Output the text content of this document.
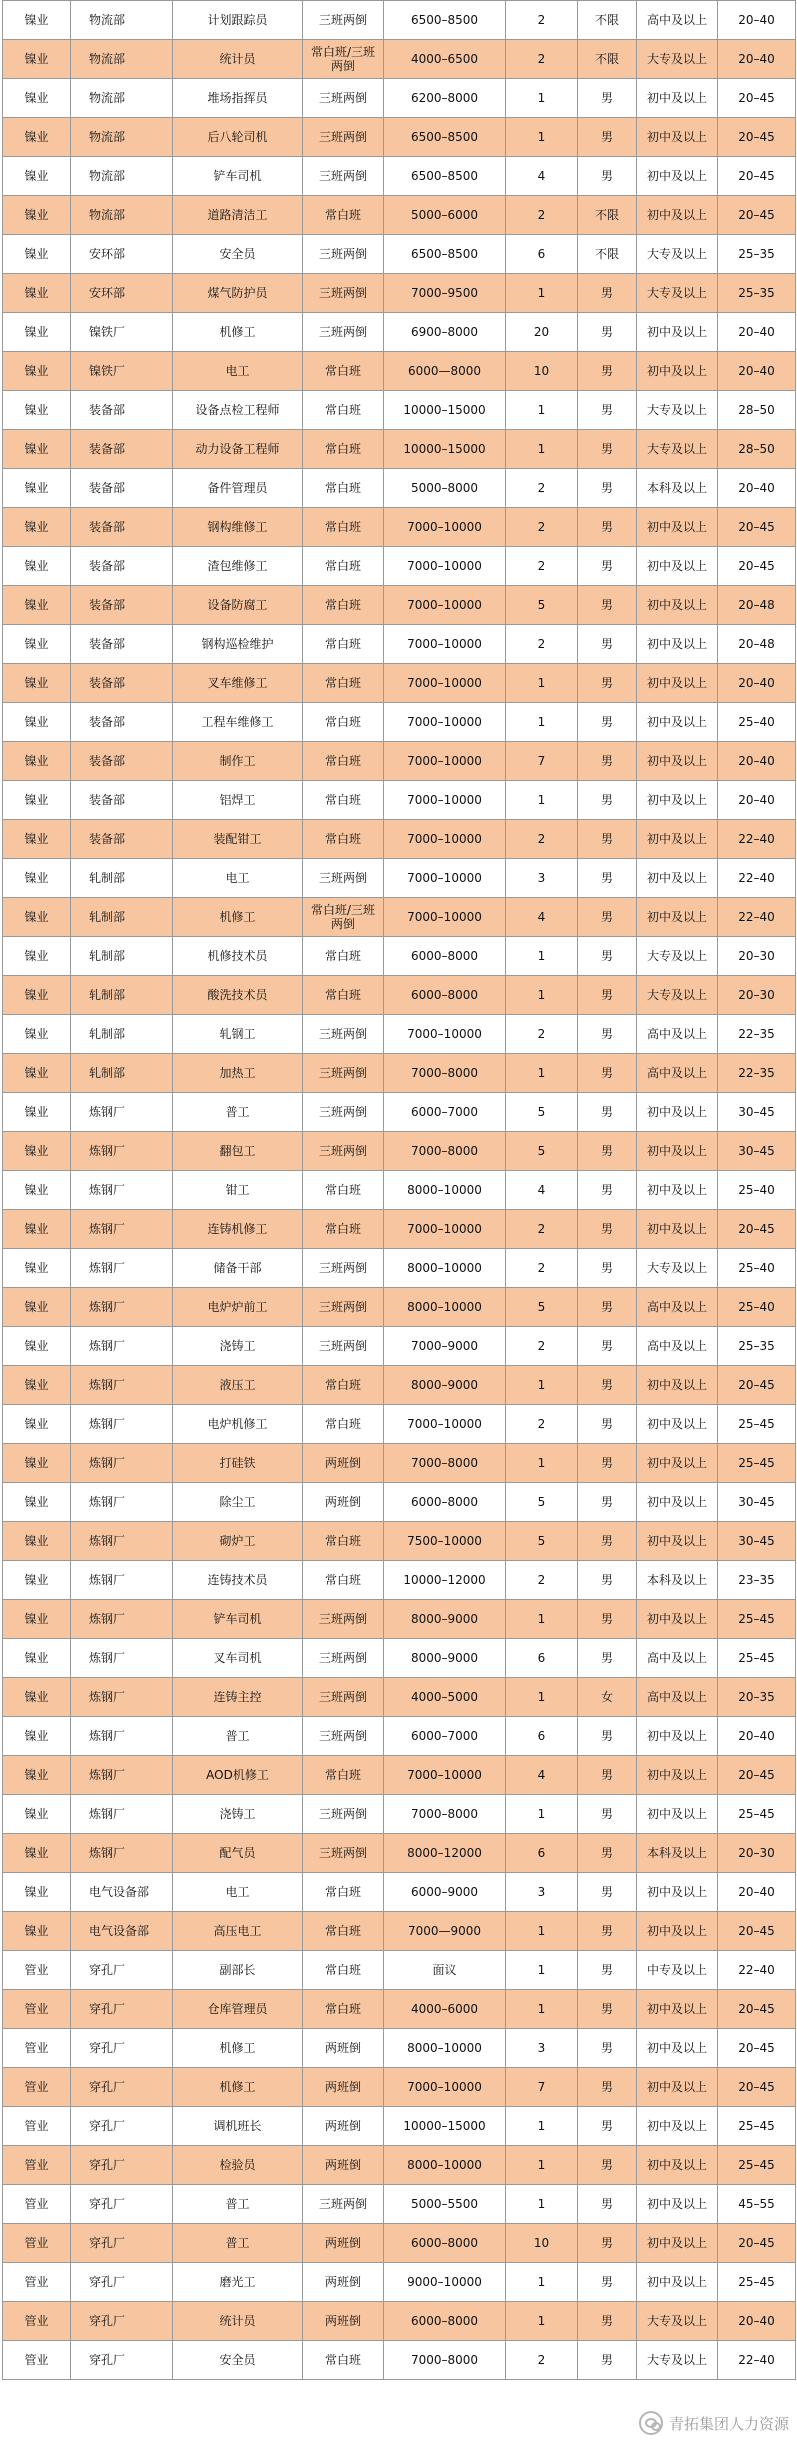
镍业	物流部	计划跟踪员	三班两倒	6500–8500	2	不限	高中及以上	20–40
镍业	物流部	统计员	常白班/三班两倒	4000–6500	2	不限	大专及以上	20–40
镍业	物流部	堆场指挥员	三班两倒	6200–8000	1	男	初中及以上	20–45
镍业	物流部	后八轮司机	三班两倒	6500–8500	1	男	初中及以上	20–45
镍业	物流部	铲车司机	三班两倒	6500–8500	4	男	初中及以上	20–45
镍业	物流部	道路清洁工	常白班	5000–6000	2	不限	初中及以上	20–45
镍业	安环部	安全员	三班两倒	6500–8500	6	不限	大专及以上	25–35
镍业	安环部	煤气防护员	三班两倒	7000–9500	1	男	大专及以上	25–35
镍业	镍铁厂	机修工	三班两倒	6900–8000	20	男	初中及以上	20–40
镍业	镍铁厂	电工	常白班	6000—8000	10	男	初中及以上	20–40
镍业	装备部	设备点检工程师	常白班	10000–15000	1	男	大专及以上	28–50
镍业	装备部	动力设备工程师	常白班	10000–15000	1	男	大专及以上	28–50
镍业	装备部	备件管理员	常白班	5000–8000	2	男	本科及以上	20–40
镍业	装备部	钢构维修工	常白班	7000–10000	2	男	初中及以上	20–45
镍业	装备部	渣包维修工	常白班	7000–10000	2	男	初中及以上	20–45
镍业	装备部	设备防腐工	常白班	7000–10000	5	男	初中及以上	20–48
镍业	装备部	钢构巡检维护	常白班	7000–10000	2	男	初中及以上	20–48
镍业	装备部	叉车维修工	常白班	7000–10000	1	男	初中及以上	20–40
镍业	装备部	工程车维修工	常白班	7000–10000	1	男	初中及以上	25–40
镍业	装备部	制作工	常白班	7000–10000	7	男	初中及以上	20–40
镍业	装备部	铝焊工	常白班	7000–10000	1	男	初中及以上	20–40
镍业	装备部	装配钳工	常白班	7000–10000	2	男	初中及以上	22–40
镍业	轧制部	电工	三班两倒	7000–10000	3	男	初中及以上	22–40
镍业	轧制部	机修工	常白班/三班两倒	7000–10000	4	男	初中及以上	22–40
镍业	轧制部	机修技术员	常白班	6000–8000	1	男	大专及以上	20–30
镍业	轧制部	酸洗技术员	常白班	6000–8000	1	男	大专及以上	20–30
镍业	轧制部	轧钢工	三班两倒	7000–10000	2	男	高中及以上	22–35
镍业	轧制部	加热工	三班两倒	7000–8000	1	男	高中及以上	22–35
镍业	炼钢厂	普工	三班两倒	6000–7000	5	男	初中及以上	30–45
镍业	炼钢厂	翻包工	三班两倒	7000–8000	5	男	初中及以上	30–45
镍业	炼钢厂	钳工	常白班	8000–10000	4	男	初中及以上	25–40
镍业	炼钢厂	连铸机修工	常白班	7000–10000	2	男	初中及以上	20–45
镍业	炼钢厂	储备干部	三班两倒	8000–10000	2	男	大专及以上	25–40
镍业	炼钢厂	电炉炉前工	三班两倒	8000–10000	5	男	高中及以上	25–40
镍业	炼钢厂	浇铸工	三班两倒	7000–9000	2	男	高中及以上	25–35
镍业	炼钢厂	液压工	常白班	8000–9000	1	男	初中及以上	20–45
镍业	炼钢厂	电炉机修工	常白班	7000–10000	2	男	初中及以上	25–45
镍业	炼钢厂	打硅铁	两班倒	7000–8000	1	男	初中及以上	25–45
镍业	炼钢厂	除尘工	两班倒	6000–8000	5	男	初中及以上	30–45
镍业	炼钢厂	砌炉工	常白班	7500–10000	5	男	初中及以上	30–45
镍业	炼钢厂	连铸技术员	常白班	10000–12000	2	男	本科及以上	23–35
镍业	炼钢厂	铲车司机	三班两倒	8000–9000	1	男	初中及以上	25–45
镍业	炼钢厂	叉车司机	三班两倒	8000–9000	6	男	高中及以上	25–45
镍业	炼钢厂	连铸主控	三班两倒	4000–5000	1	女	高中及以上	20–35
镍业	炼钢厂	普工	三班两倒	6000–7000	6	男	初中及以上	20–40
镍业	炼钢厂	AOD机修工	常白班	7000–10000	4	男	初中及以上	20–45
镍业	炼钢厂	浇铸工	三班两倒	7000–8000	1	男	初中及以上	25–45
镍业	炼钢厂	配气员	三班两倒	8000–12000	6	男	本科及以上	20–30
镍业	电气设备部	电工	常白班	6000–9000	3	男	初中及以上	20–40
镍业	电气设备部	高压电工	常白班	7000—9000	1	男	初中及以上	20–45
管业	穿孔厂	副部长	常白班	面议	1	男	中专及以上	22–40
管业	穿孔厂	仓库管理员	常白班	4000–6000	1	男	初中及以上	20–45
管业	穿孔厂	机修工	两班倒	8000–10000	3	男	初中及以上	20–45
管业	穿孔厂	机修工	两班倒	7000–10000	7	男	初中及以上	20–45
管业	穿孔厂	调机班长	两班倒	10000–15000	1	男	初中及以上	25–45
管业	穿孔厂	检验员	两班倒	8000–10000	1	男	初中及以上	25–45
管业	穿孔厂	普工	三班两倒	5000–5500	1	男	初中及以上	45–55
管业	穿孔厂	普工	两班倒	6000–8000	10	男	初中及以上	20–45
管业	穿孔厂	磨光工	两班倒	9000–10000	1	男	初中及以上	25–45
管业	穿孔厂	统计员	两班倒	6000–8000	1	男	大专及以上	20–40
管业	穿孔厂	安全员	常白班	7000–8000	2	男	大专及以上	22–40
青拓集团人力资源
